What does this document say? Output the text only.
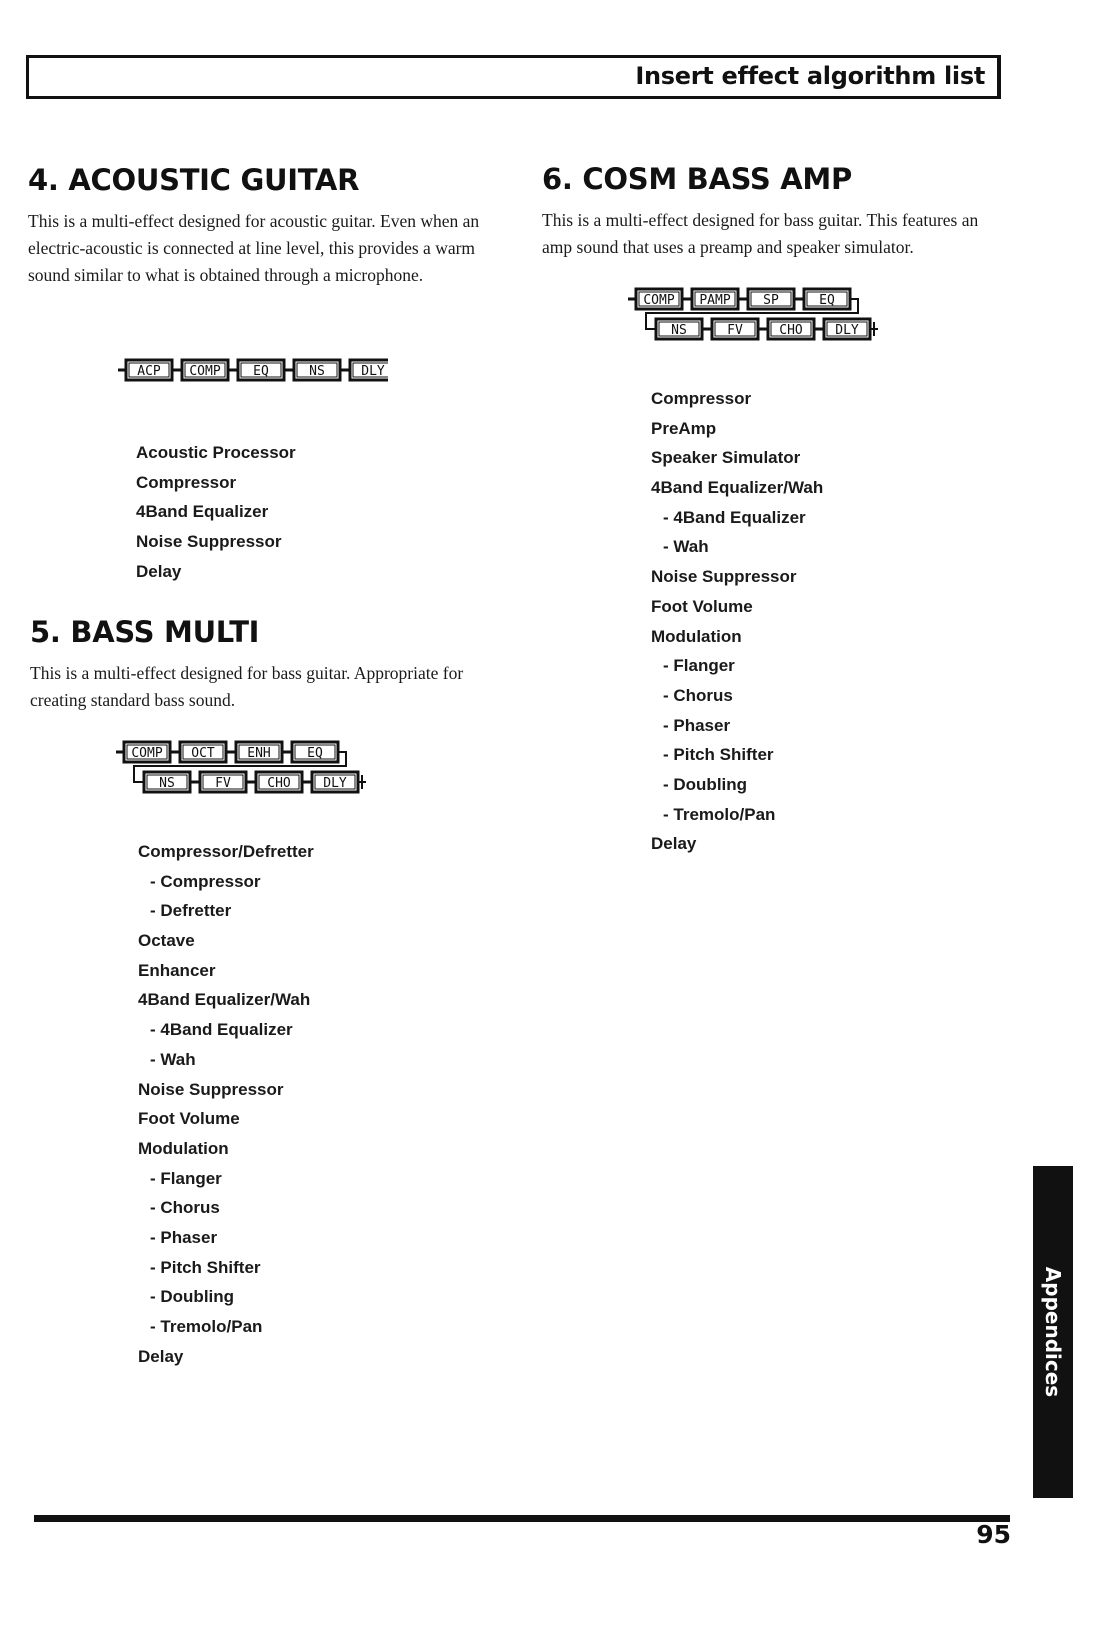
Insert effect algorithm list
4. ACOUSTIC GUITAR

This is a multi-effect designed for acoustic guitar. Even when an electric-acoustic is connected at line level, this provides a warm sound similar to what is obtained through a microphone.

ACP COMP	EQ	NS	DLY
Acoustic Processor
Compressor
4Band Equalizer
Noise Suppressor
Delay
5. BASS MULTI

This is a multi-effect designed for bass guitar. Appropriate for creating standard bass sound.

COMP OCT	ENH	EQ
NS	FV	CHO	DLY
Compressor/Defretter
- Compressor
- Defretter
Octave
Enhancer
4Band Equalizer/Wah
- 4Band Equalizer
- Wah
Noise Suppressor
Foot Volume
Modulation
- Flanger
- Chorus
- Phaser
- Pitch Shifter
- Doubling
- Tremolo/Pan
Delay
6. COSM BASS AMP

This is a multi-effect designed for bass guitar. This features an amp sound that uses a preamp and speaker simulator.

COMP PAMP	SP	EQ
NS	FV	CHO	DLY
Compressor
PreAmp
Speaker Simulator
4Band Equalizer/Wah
- 4Band Equalizer
- Wah
Noise Suppressor
Foot Volume
Modulation
- Flanger
- Chorus
- Phaser
- Pitch Shifter
- Doubling
- Tremolo/Pan
Delay
Appendices
95
